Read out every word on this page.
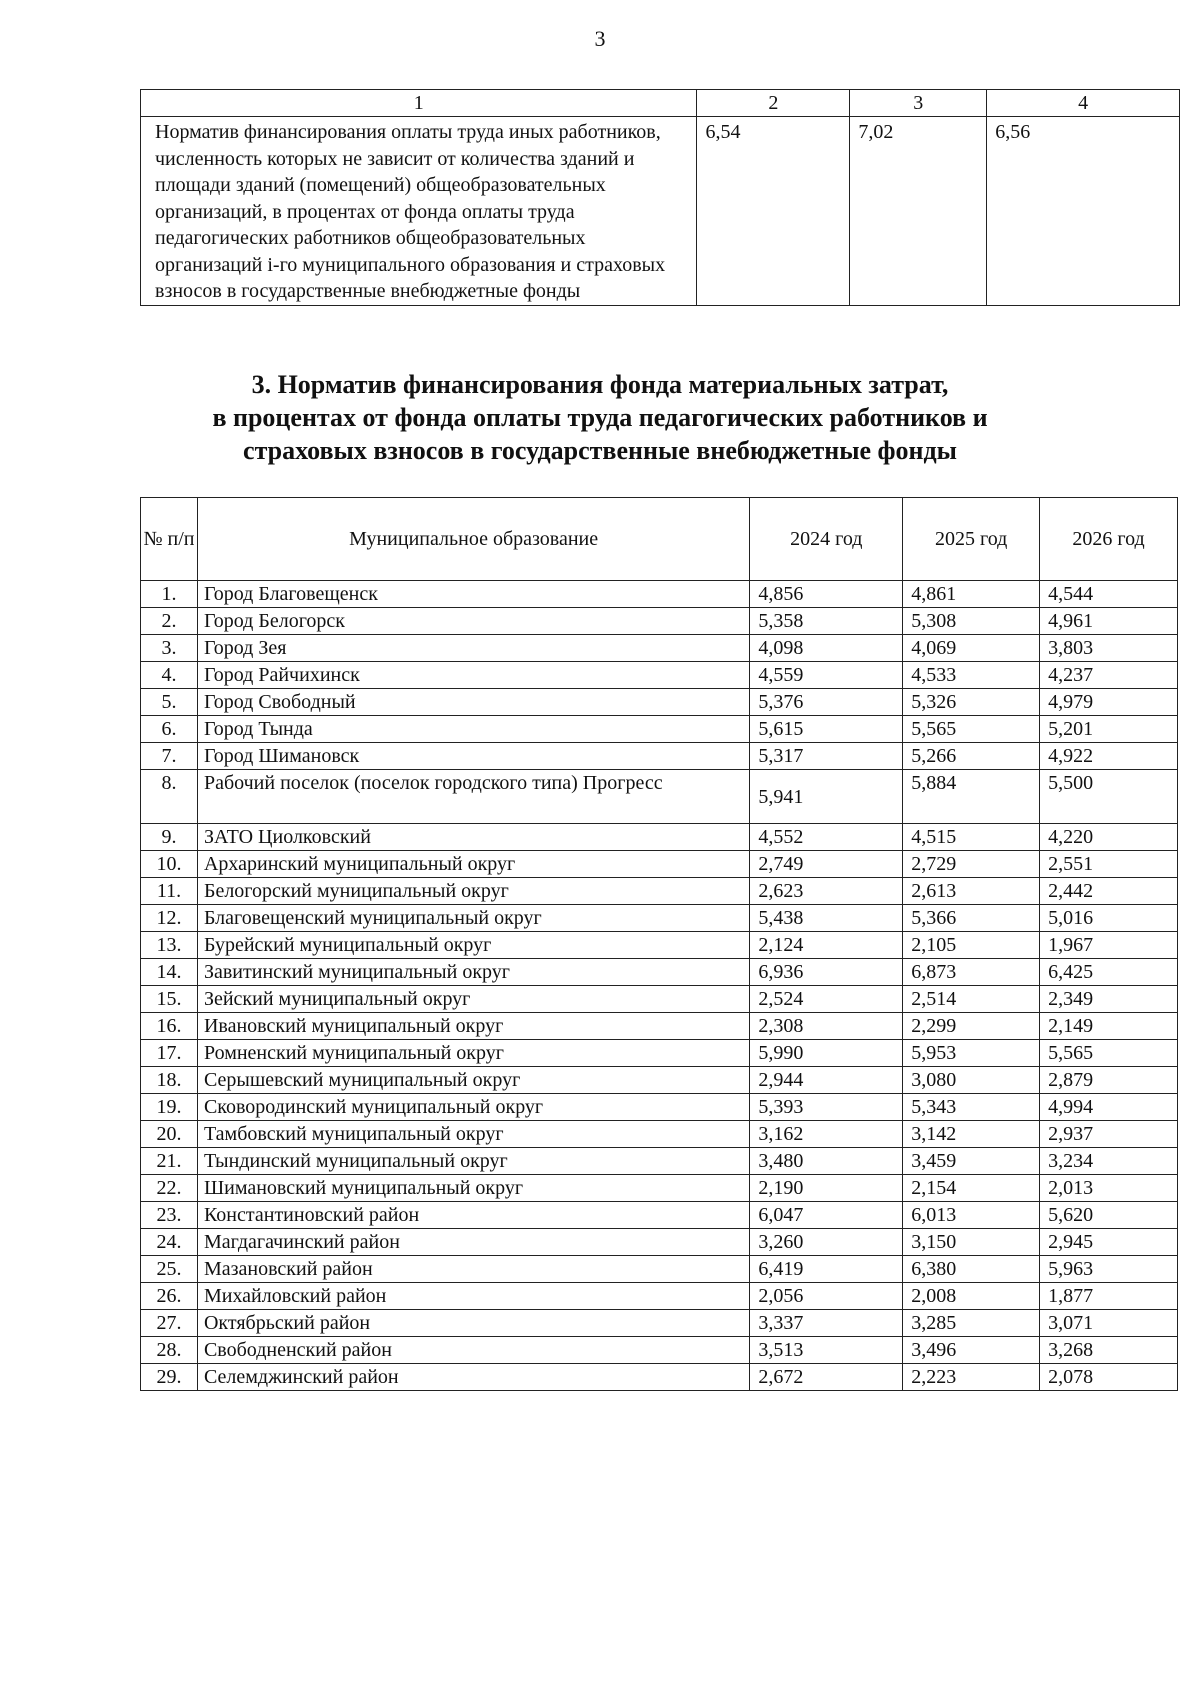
3
1	2	3	4
Норматив финансирования оплаты труда иных работников, численность которых не зависит от количества зданий и площади зданий (помещений) общеобразовательных организаций, в процентах от фонда оплаты труда педагогических работников общеобразовательных организаций i-го муниципального образования и страховых взносов в государственные внебюджетные фонды	6,54	7,02	6,56
3. Норматив финансирования фонда материальных затрат,
в процентах от фонда оплаты труда педагогических работников и
страховых взносов в государственные внебюджетные фонды
№ п/п	Муниципальное образование	2024 год	2025 год	2026 год
1.	Город Благовещенск	4,856	4,861	4,544
2.	Город Белогорск	5,358	5,308	4,961
3.	Город Зея	4,098	4,069	3,803
4.	Город Райчихинск	4,559	4,533	4,237
5.	Город Свободный	5,376	5,326	4,979
6.	Город Тында	5,615	5,565	5,201
7.	Город Шимановск	5,317	5,266	4,922
8.	Рабочий поселок (поселок городского типа) Прогресс	5,941	5,884	5,500
9.	ЗАТО Циолковский	4,552	4,515	4,220
10.	Архаринский муниципальный округ	2,749	2,729	2,551
11.	Белогорский муниципальный округ	2,623	2,613	2,442
12.	Благовещенский муниципальный округ	5,438	5,366	5,016
13.	Бурейский муниципальный округ	2,124	2,105	1,967
14.	Завитинский муниципальный округ	6,936	6,873	6,425
15.	Зейский муниципальный округ	2,524	2,514	2,349
16.	Ивановский муниципальный округ	2,308	2,299	2,149
17.	Ромненский муниципальный округ	5,990	5,953	5,565
18.	Серышевский муниципальный округ	2,944	3,080	2,879
19.	Сковородинский муниципальный округ	5,393	5,343	4,994
20.	Тамбовский муниципальный округ	3,162	3,142	2,937
21.	Тындинский муниципальный округ	3,480	3,459	3,234
22.	Шимановский муниципальный округ	2,190	2,154	2,013
23.	Константиновский район	6,047	6,013	5,620
24.	Магдагачинский район	3,260	3,150	2,945
25.	Мазановский район	6,419	6,380	5,963
26.	Михайловский район	2,056	2,008	1,877
27.	Октябрьский район	3,337	3,285	3,071
28.	Свободненский район	3,513	3,496	3,268
29.	Селемджинский район	2,672	2,223	2,078
